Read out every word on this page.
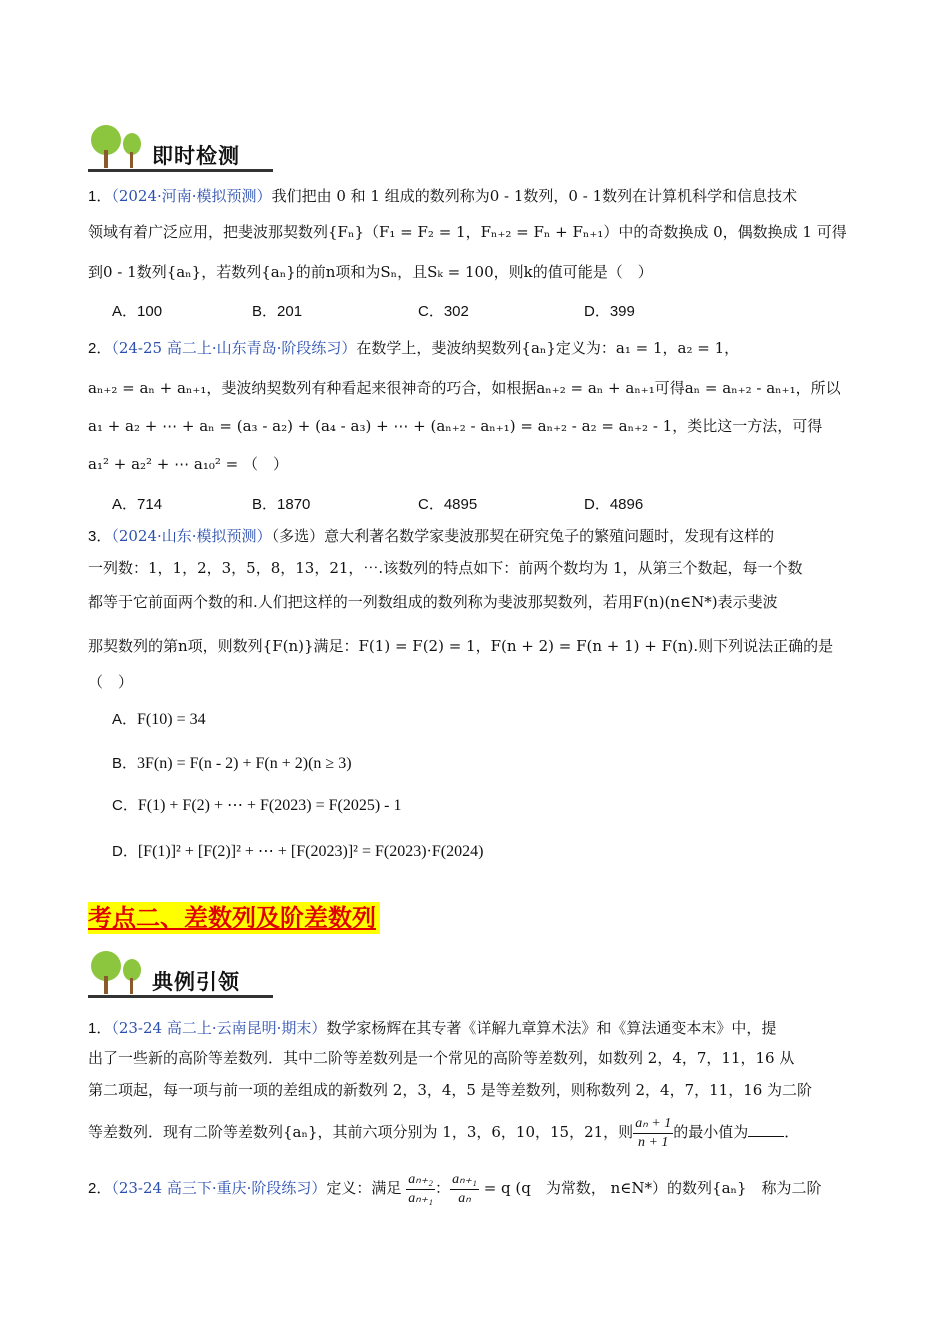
即时检测
1．（2024·河南·模拟预测）我们把由 0 和 1 组成的数列称为0 - 1数列，0 - 1数列在计算机科学和信息技术
领域有着广泛应用，把斐波那契数列{Fₙ}（F₁ = F₂ = 1，Fₙ₊₂ = Fₙ + Fₙ₊₁）中的奇数换成 0，偶数换成 1 可得
到0 - 1数列{aₙ}，若数列{aₙ}的前n项和为Sₙ，且Sₖ = 100，则k的值可能是（　）
A．100	B．201	C．302	D．399
2．（24-25 高二上·山东青岛·阶段练习）在数学上，斐波纳契数列{aₙ}定义为：a₁ = 1，a₂ = 1，
aₙ₊₂ = aₙ + aₙ₊₁，斐波纳契数列有种看起来很神奇的巧合，如根据aₙ₊₂ = aₙ + aₙ₊₁可得aₙ = aₙ₊₂ - aₙ₊₁，所以
a₁ + a₂ + ⋯ + aₙ = (a₃ - a₂) + (a₄ - a₃) + ⋯ + (aₙ₊₂ - aₙ₊₁) = aₙ₊₂ - a₂ = aₙ₊₂ - 1，类比这一方法，可得
a₁² + a₂² + ⋯ a₁₀² = （　）
A．714	B．1870	C．4895	D．4896
3．（2024·山东·模拟预测）（多选）意大利著名数学家斐波那契在研究兔子的繁殖问题时，发现有这样的
一列数：1，1，2，3，5，8，13，21，⋯.该数列的特点如下：前两个数均为 1，从第三个数起，每一个数
都等于它前面两个数的和.人们把这样的一列数组成的数列称为斐波那契数列，若用F(n)(n∈N*)表示斐波
那契数列的第n项，则数列{F(n)}满足：F(1) = F(2) = 1，F(n + 2) = F(n + 1) + F(n).则下列说法正确的是
（　）
A．F(10) = 34
B．3F(n) = F(n - 2) + F(n + 2)(n ≥ 3)
C．F(1) + F(2) + ⋯ + F(2023) = F(2025) - 1
D．[F(1)]² + [F(2)]² + ⋯ + [F(2023)]² = F(2023)·F(2024)
考点二、差数列及阶差数列
典例引领
1．（23-24 高二上·云南昆明·期末）数学家杨辉在其专著《详解九章算术法》和《算法通变本末》中，提
出了一些新的高阶等差数列．其中二阶等差数列是一个常见的高阶等差数列，如数列 2，4，7，11，16 从
第二项起，每一项与前一项的差组成的新数列 2，3，4，5 是等差数列，则称数列 2，4，7，11，16 为二阶
等差数列．现有二阶等差数列{aₙ}，其前六项分别为 1，3，6，10，15，21，则 $\frac{\text{aₙ + 1}}{n + 1}$ 的最小值为 ．
2．（23-24 高三下·重庆·阶段练习）定义：满足 $\frac{\text{aₙ₊₂}}{\text{aₙ₊₁}}$ ： $\frac{\text{aₙ₊₁}}{\text{aₙ}} = q$ (q　为常数， n∈N*）的数列{aₙ}　称为二阶
